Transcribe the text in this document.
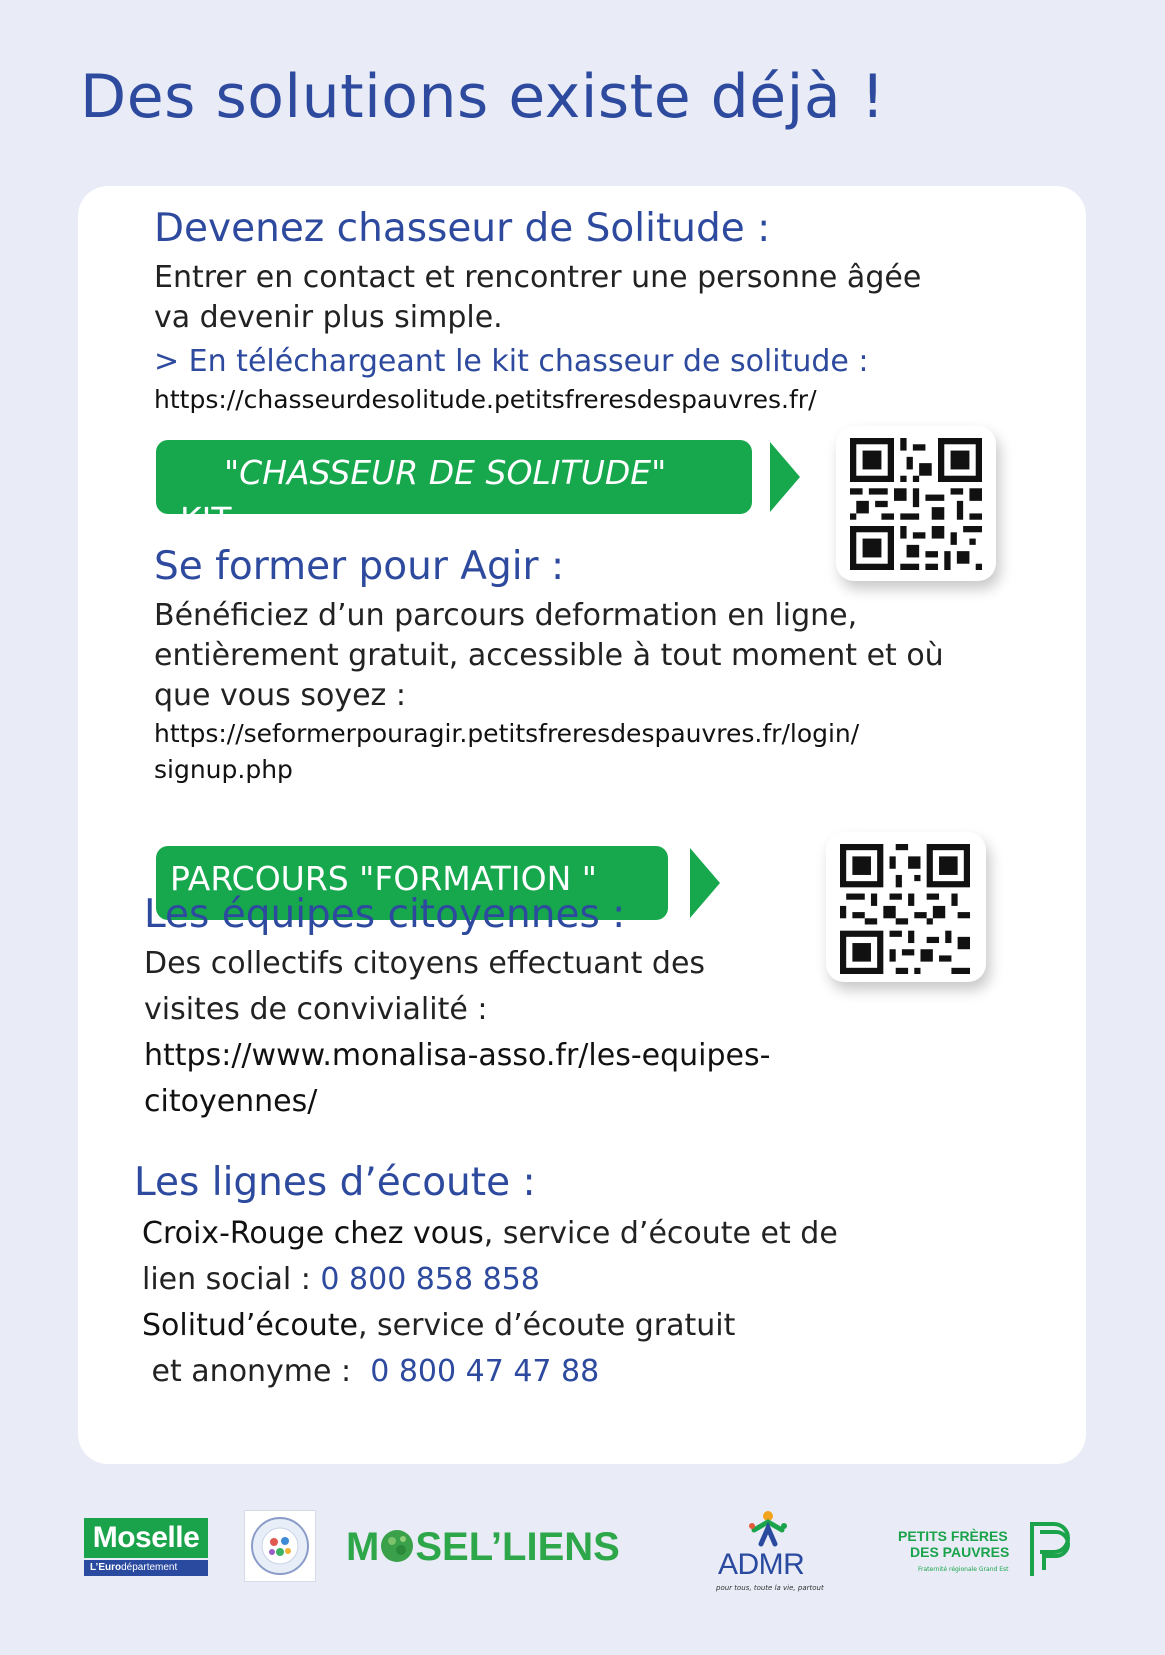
Des solutions existe déjà !
Devenez chasseur de Solitude :

Entrer en contact et rencontrer une personne âgée

va devenir plus simple.

> En téléchargeant le kit chasseur de solitude :

https://chasseurdesolitude.petitsfreresdespauvres.fr/

"CHASSEUR DE SOLITUDE"
KIT
Se former pour Agir :

Bénéficiez d’un parcours deformation en ligne,

entièrement gratuit, accessible à tout moment et où

que vous soyez :

https://seformerpouragir.petitsfreresdespauvres.fr/login/

signup.php

PARCOURS "FORMATION "
Les équipes citoyennes :

Des collectifs citoyens effectuant des

visites de convivialité :

https://www.monalisa-asso.fr/les-equipes-

citoyennes/

Les lignes d’écoute :

Croix-Rouge chez vous, service d’écoute et de

lien social : 0 800 858 858

Solitud’écoute, service d’écoute gratuit

et anonyme :  0 800 47 47 88

Moselle
L’Eurodépartement	M SEL’LIENS	ADMR
pour tous, toute la vie, partout
PETITS FRÈRES
DES PAUVRES
Fraternité régionale Grand Est
